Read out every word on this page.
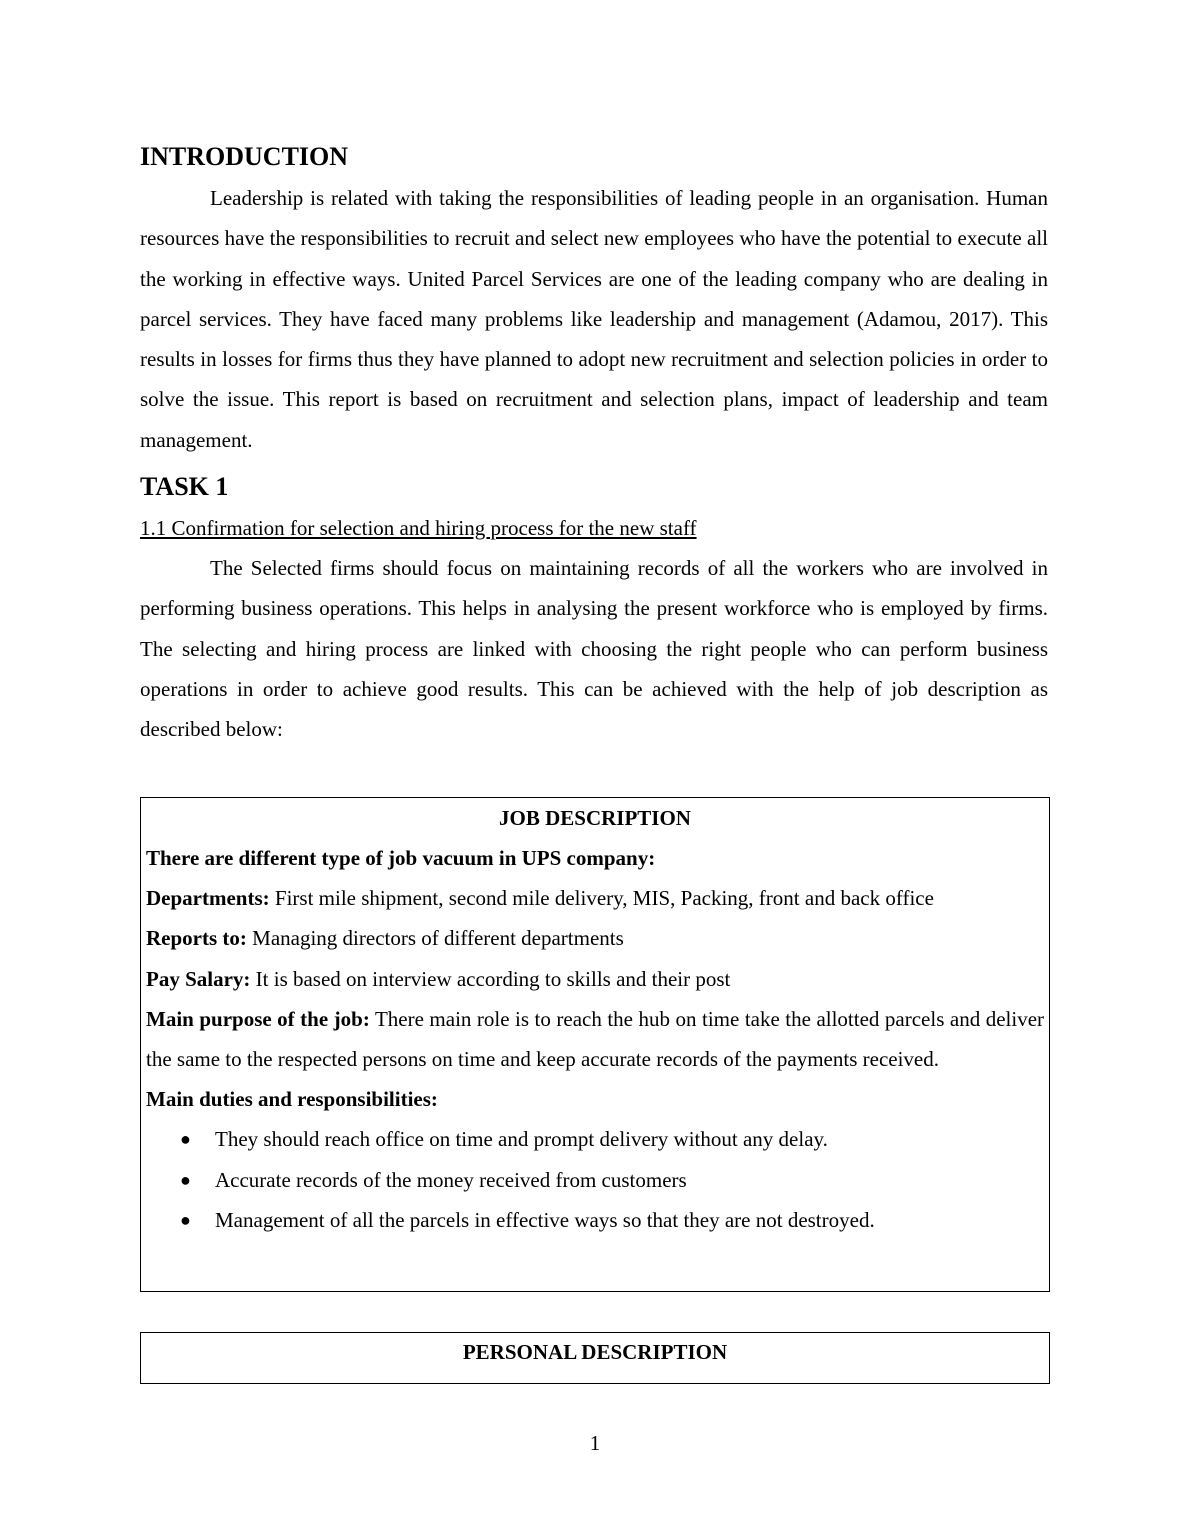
INTRODUCTION

Leadership is related with taking the responsibilities of leading people in an organisation. Human resources have the responsibilities to recruit and select new employees who have the potential to execute all the working in effective ways. United Parcel Services are one of the leading company who are dealing in parcel services. They have faced many problems like leadership and management (Adamou, 2017). This results in losses for firms thus they have planned to adopt new recruitment and selection policies in order to solve the issue. This report is based on recruitment and selection plans, impact of leadership and team management.

TASK 1

1.1 Confirmation for selection and hiring process for the new staff

The Selected firms should focus on maintaining records of all the workers who are involved in performing business operations. This helps in analysing the present workforce who is employed by firms. The selecting and hiring process are linked with choosing the right people who can perform business operations in order to achieve good results. This can be achieved with the help of job description as described below:

JOB DESCRIPTION
There are different type of job vacuum in UPS company:
Departments: First mile shipment, second mile delivery, MIS, Packing, front and back office
Reports to: Managing directors of different departments
Pay Salary: It is based on interview according to skills and their post
Main purpose of the job: There main role is to reach the hub on time take the allotted parcels and deliver the same to the respected persons on time and keep accurate records of the payments received.
Main duties and responsibilities:
● They should reach office on time and prompt delivery without any delay.
● Accurate records of the money received from customers
● Management of all the parcels in effective ways so that they are not destroyed.
PERSONAL DESCRIPTION
1
